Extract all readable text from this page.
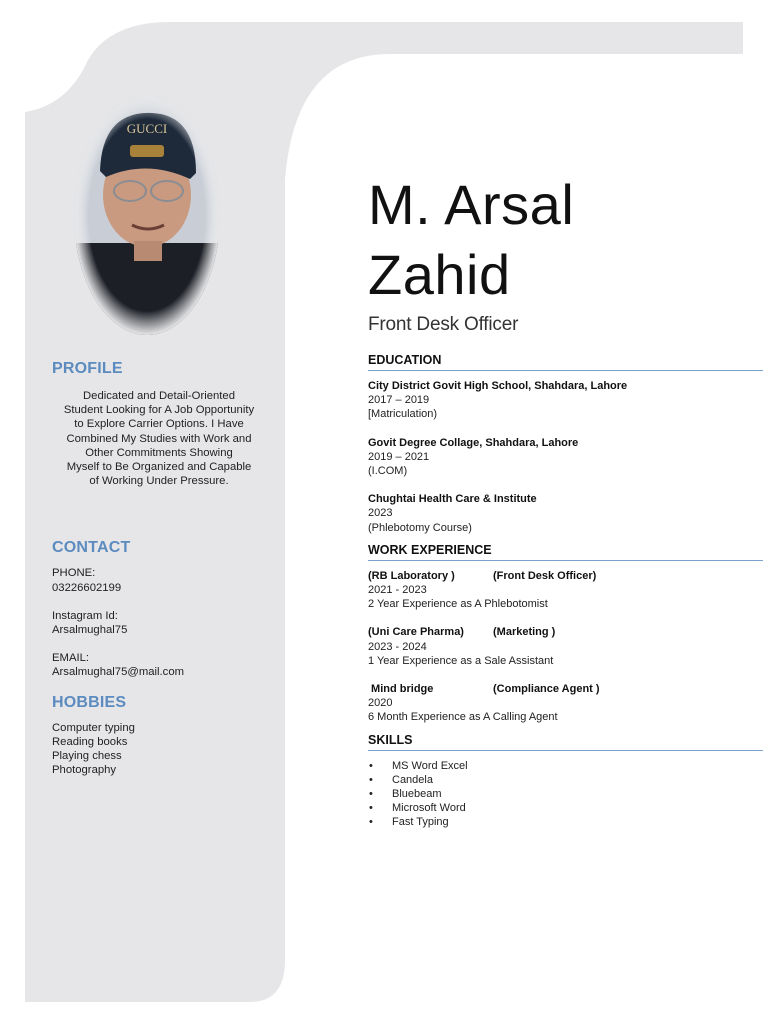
PROFILE
Dedicated and Detail-Oriented
Student Looking for A Job Opportunity
to Explore Carrier Options. I Have
Combined My Studies with Work and
Other Commitments Showing
Myself to Be Organized and Capable
of Working Under Pressure.
CONTACT
PHONE:
03226602199
Instagram Id:
Arsalmughal75
EMAIL:
Arsalmughal75@mail.com
HOBBIES
Computer typing
Reading books
Playing chess
Photography
M. Arsal
Zahid
Front Desk Officer
EDUCATION
City District Govit High School, Shahdara, Lahore
2017 – 2019
[Matriculation)
Govit Degree Collage, Shahdara, Lahore
2019 – 2021
(I.COM)
Chughtai Health Care & Institute
2023
(Phlebotomy Course)
WORK EXPERIENCE
(RB Laboratory )	(Front Desk Officer)
2021 - 2023
2 Year Experience as A Phlebotomist
(Uni Care Pharma)	(Marketing )
2023 - 2024
1 Year Experience as a Sale Assistant
Mind bridge	(Compliance Agent )
2020
6 Month Experience as A Calling Agent
SKILLS
•	MS Word Excel
•	Candela
•	Bluebeam
•	Microsoft Word
•	Fast Typing
